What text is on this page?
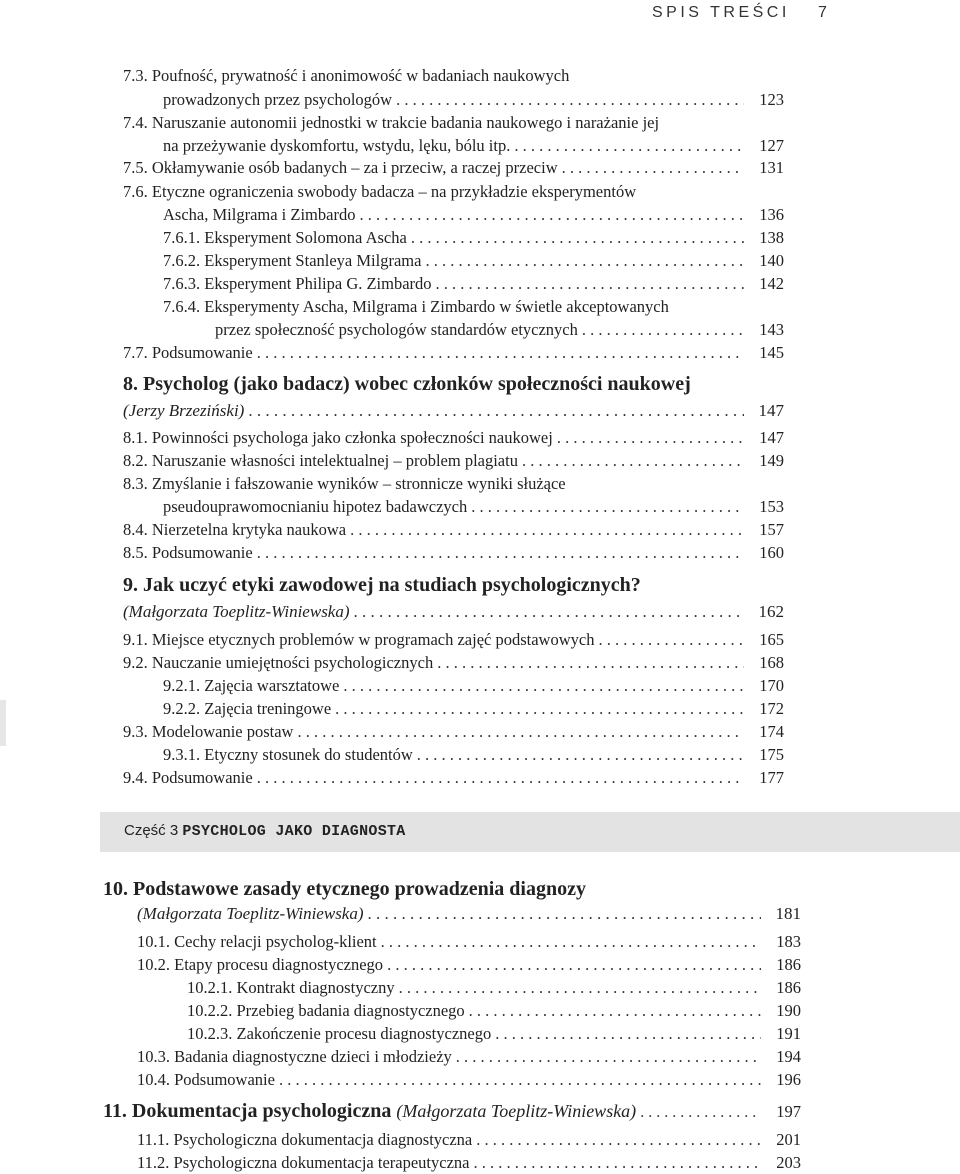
SPIS TREŚCI 7
7.3. Poufność, prywatność i anonimowość w badaniach naukowych
prowadzonych przez psychologów . . .	123
7.4. Naruszanie autonomii jednostki w trakcie badania naukowego i narażanie jej
na przeżywanie dyskomfortu, wstydu, lęku, bólu itp. . . .	127
7.5. Okłamywanie osób badanych – za i przeciw, a raczej przeciw . . .	131
7.6. Etyczne ograniczenia swobody badacza – na przykładzie eksperymentów
Ascha, Milgrama i Zimbardo . . .	136
7.6.1. Eksperyment Solomona Ascha . . .	138
7.6.2. Eksperyment Stanleya Milgrama . . .	140
7.6.3. Eksperyment Philipa G. Zimbardo . . .	142
7.6.4. Eksperymenty Ascha, Milgrama i Zimbardo w świetle akceptowanych
przez społeczność psychologów standardów etycznych . . .	143
7.7. Podsumowanie . . .	145
8. Psycholog (jako badacz) wobec członków społeczności naukowej
(Jerzy Brzeziński) . . .	147
8.1. Powinności psychologa jako członka społeczności naukowej . . .	147
8.2. Naruszanie własności intelektualnej – problem plagiatu . . .	149
8.3. Zmyślanie i fałszowanie wyników – stronnicze wyniki służące
pseudouprawomocnianiu hipotez badawczych . . .	153
8.4. Nierzetelna krytyka naukowa . . .	157
8.5. Podsumowanie . . .	160
9. Jak uczyć etyki zawodowej na studiach psychologicznych?
(Małgorzata Toeplitz-Winiewska) . . .	162
9.1. Miejsce etycznych problemów w programach zajęć podstawowych . . .	165
9.2. Nauczanie umiejętności psychologicznych . . .	168
9.2.1. Zajęcia warsztatowe . . .	170
9.2.2. Zajęcia treningowe . . .	172
9.3. Modelowanie postaw . . .	174
9.3.1. Etyczny stosunek do studentów . . .	175
9.4. Podsumowanie . . .	177
Część 3 PSYCHOLOG JAKO DIAGNOSTA
10. Podstawowe zasady etycznego prowadzenia diagnozy
(Małgorzata Toeplitz-Winiewska) . . .	181
10.1. Cechy relacji psycholog-klient . . .	183
10.2. Etapy procesu diagnostycznego . . .	186
10.2.1. Kontrakt diagnostyczny . . .	186
10.2.2. Przebieg badania diagnostycznego . . .	190
10.2.3. Zakończenie procesu diagnostycznego . . .	191
10.3. Badania diagnostyczne dzieci i młodzieży . . .	194
10.4. Podsumowanie . . .	196
11. Dokumentacja psychologiczna (Małgorzata Toeplitz-Winiewska) . . .	197
11.1. Psychologiczna dokumentacja diagnostyczna . . .	201
11.2. Psychologiczna dokumentacja terapeutyczna . . .	203
